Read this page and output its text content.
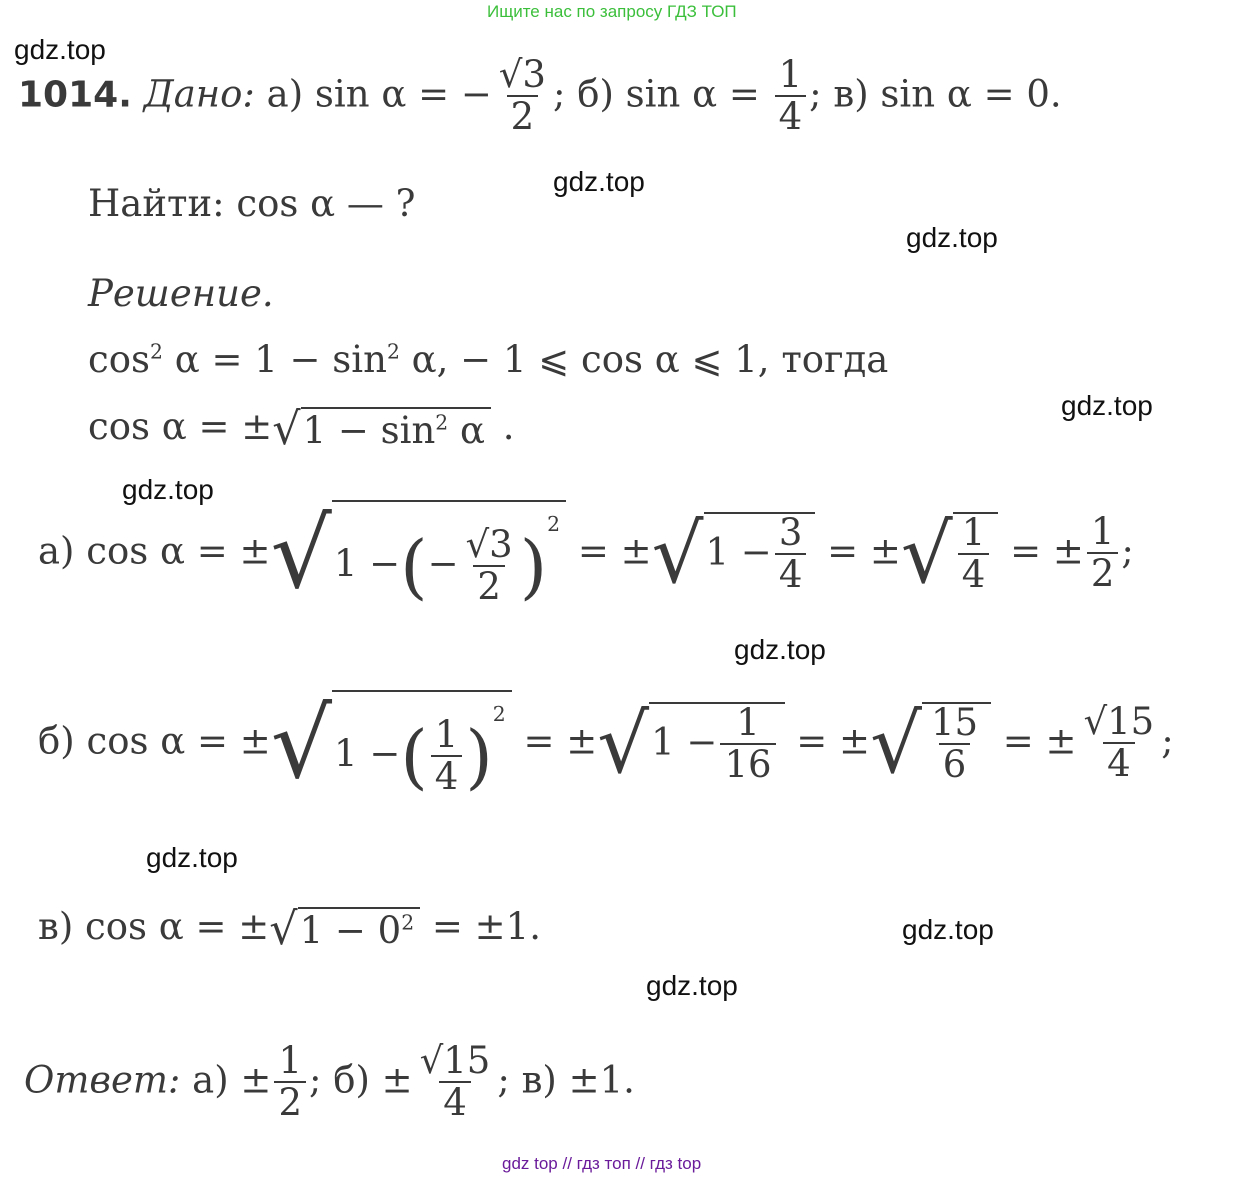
Ищите нас по запросу ГДЗ ТОП
gdz.top
gdz.top
gdz.top
gdz.top
gdz.top
gdz.top
gdz.top
gdz.top
gdz.top
1014. Дано: а) sin α = − $\frac{√3}{2}$ ; б) $\sin \alpha = \frac{1}{4}$ ; в) sin α = 0.
Найти: cos α — ?
Решение.
$\cos^2 \alpha = 1 - \sin^2 \alpha$, − 1 ⩽ cos α ⩽ 1, тогда
$\cos \alpha = \pm√1 - \sin^2 \alpha$ .
а) cos α = ±√1 −(− $\frac{√3}{2} )^2 = \pm√1 - \frac{3}{4}$ = ±√ $\frac{1}{4}$ = ± $\frac{1}{2}$ ;
б) cos α = ±√1 −( $\frac{1}{4} )^2 = \pm√1 - \frac{1}{16}$ = ±√ $\frac{15}{6}$ = ± $\frac{√15}{4}$ ;
в) $\cos \alpha = \pm√1 - 0^2 = \pm 1$.
Ответ: $а) \pm \frac{1}{2}$ ; $б) \pm \frac{√15}{4}$ ; в) ±1.
gdz top // гдз топ // гдз top
